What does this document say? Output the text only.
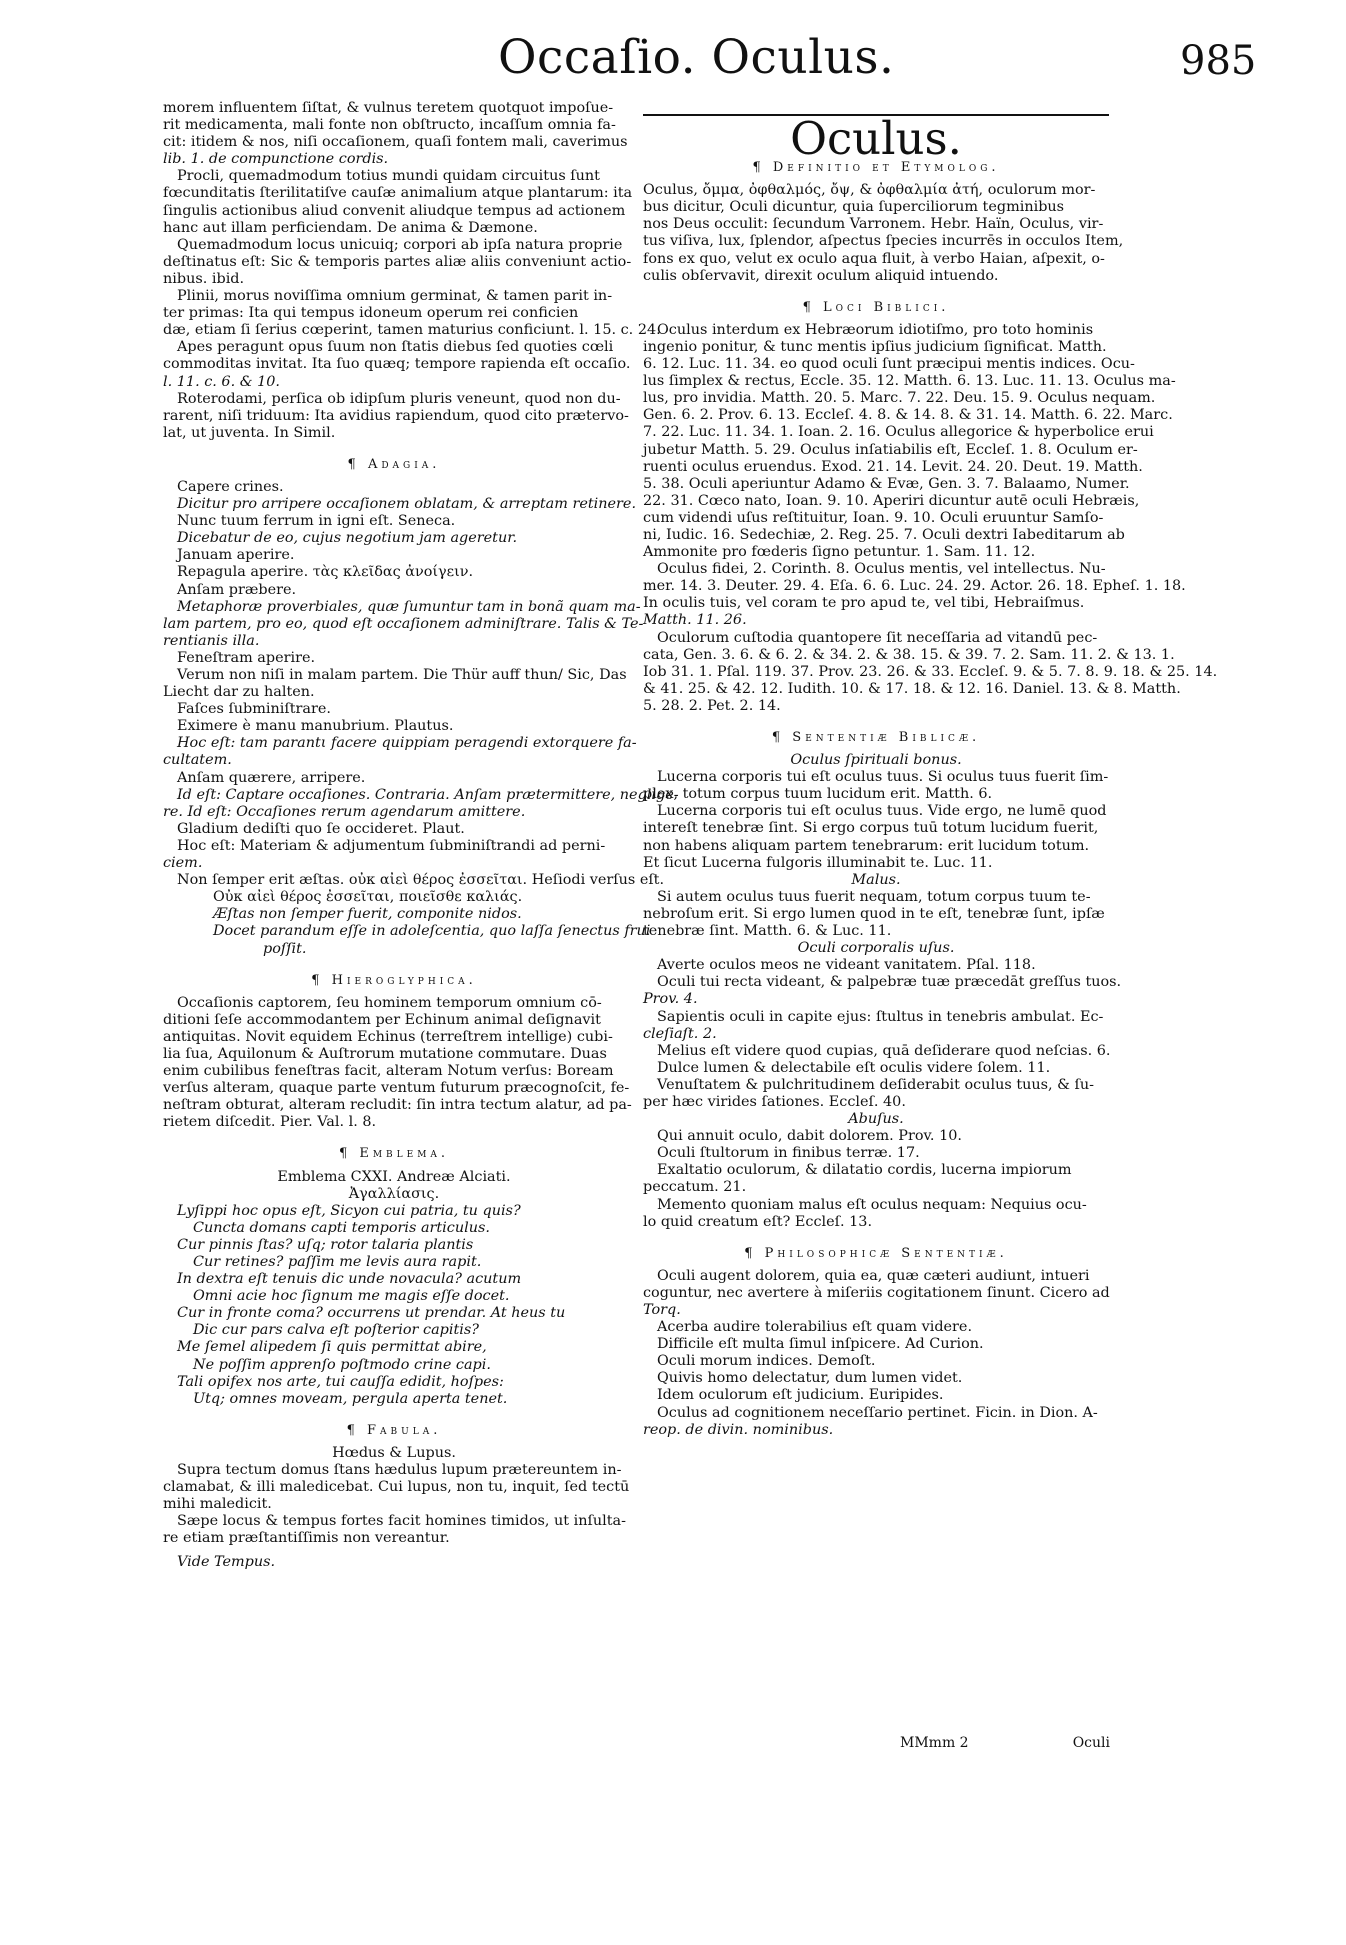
Occaſio. Oculus.	985
morem influentem ſiſtat, & vulnus teretem quotquot impoſue-
rit medicamenta, mali fonte non obſtructo, incaſſum omnia fa-
cit: itidem & nos, niſi occaſionem, quaſi fontem mali, caverimus
lib. 1. de compunctione cordis.
Procli, quemadmodum totius mundi quidam circuitus ſunt
fœcunditatis ſterilitatiſve cauſæ animalium atque plantarum: ita
ſingulis actionibus aliud convenit aliudque tempus ad actionem
hanc aut illam perficiendam. De anima & Dæmone.
Quemadmodum locus unicuiq; corpori ab ipſa natura proprie
deſtinatus eſt: Sic & temporis partes aliæ aliis conveniunt actio-
nibus. ibid.
Plinii, morus noviſſima omnium germinat, & tamen parit in-
ter primas: Ita qui tempus idoneum operum rei conficien
dæ, etiam ſi ſerius cœperint, tamen maturius conficiunt. l. 15. c. 24.
Apes peragunt opus ſuum non ſtatis diebus ſed quoties cœli
commoditas invitat. Ita ſuo quæq; tempore rapienda eſt occaſio.
l. 11. c. 6. & 10.
Roterodami, perſica ob idipſum pluris veneunt, quod non du-
rarent, niſi triduum: Ita avidius rapiendum, quod cito prætervo-
lat, ut juventa. In Simil.
¶ Adagia.
Capere crines.
Dicitur pro arripere occaſionem oblatam, & arreptam retinere.
Nunc tuum ferrum in igni eſt. Seneca.
Dicebatur de eo, cujus negotium jam ageretur.
Januam aperire.
Repagula aperire. τὰς κλεῖδας ἀνοίγειν.
Anſam præbere.
Metaphoræ proverbiales, quæ ſumuntur tam in bonã quam ma-
lam partem, pro eo, quod eſt occaſionem adminiſtrare. Talis & Te-
rentianis illa.
Feneſtram aperire.
Verum non niſi in malam partem. Die Thür auff thun/ Sic, Das
Liecht dar zu halten.
Faſces ſubminiſtrare.
Eximere è manu manubrium. Plautus.
Hoc eſt: tam parantι facere quippiam peragendi extorquere fa-
cultatem.
Anſam quærere, arripere.
Id eſt: Captare occaſiones. Contraria. Anſam prætermittere, neglige-
re. Id eſt: Occaſiones rerum agendarum amittere.
Gladium dediſti quo ſe occideret. Plaut.
Hoc eſt: Materiam & adjumentum ſubminiſtrandi ad perni-
ciem.
Non ſemper erit æſtas. οὐκ αἰεὶ θέρος ἐσσεῖται. Heſiodi verſus eſt.
Οὐκ αἰεὶ θέρος ἐσσεῖται, ποιεῖσθε καλιάς.
Æſtas non ſemper fuerit, componite nidos.
Docet parandum eſſe in adoleſcentia, quo laſſa ſenectus frui
poſſit.
¶ Hieroglyphica.
Occaſionis captorem, ſeu hominem temporum omnium cō-
ditioni ſeſe accommodantem per Echinum animal deſignavit
antiquitas. Novit equidem Echinus (terreſtrem intellige) cubi-
lia ſua, Aquilonum & Auſtrorum mutatione commutare. Duas
enim cubilibus feneſtras facit, alteram Notum verſus: Boream
verſus alteram, quaque parte ventum futurum præcognoſcit, fe-
neſtram obturat, alteram recludit: ſin intra tectum alatur, ad pa-
rietem diſcedit. Pier. Val. l. 8.
¶ Emblema.
Emblema CXXI. Andreæ Alciati.
Ἀγαλλίασις.
Lyſippi hoc opus eſt, Sicyon cui patria, tu quis?
Cuncta domans capti temporis articulus.
Cur pinnis ſtas? uſq; rotor talaria plantis
Cur retines? paſſim me levis aura rapit.
In dextra eſt tenuis dic unde novacula? acutum
Omni acie hoc ſignum me magis eſſe docet.
Cur in fronte coma? occurrens ut prendar. At heus tu
Dic cur pars calva eſt poſterior capitis?
Me ſemel alipedem ſi quis permittat abire,
Ne poſſim apprenſo poſtmodo crine capi.
Tali opifex nos arte, tui cauſſa edidit, hoſpes:
Utq; omnes moveam, pergula aperta tenet.
¶ Fabula.
Hœdus & Lupus.
Supra tectum domus ſtans hædulus lupum prætereuntem in-
clamabat, & illi maledicebat. Cui lupus, non tu, inquit, ſed tectū
mihi maledicit.
Sæpe locus & tempus fortes facit homines timidos, ut inſulta-
re etiam præſtantiſſimis non vereantur.
Vide Tempus.
Oculus.
¶ Definitio et Etymolog.
Oculus, ὄμμα, ὀφθαλμός, ὄψ, & ὀφθαλμία ἀτή, oculorum mor-
bus dicitur, Oculi dicuntur, quia ſuperciliorum tegminibus
nos Deus occulit: ſecundum Varronem. Hebr. Haïn, Oculus, vir-
tus viſiva, lux, ſplendor, aſpectus ſpecies incurrēs in occulos Item,
fons ex quo, velut ex oculo aqua fluit, à verbo Haian, aſpexit, o-
culis obſervavit, direxit oculum aliquid intuendo.
¶ Loci Biblici.
Oculus interdum ex Hebræorum idiotiſmo, pro toto hominis
ingenio ponitur, & tunc mentis ipſius judicium ſignificat. Matth.
6. 12. Luc. 11. 34. eo quod oculi ſunt præcipui mentis indices. Ocu-
lus ſimplex & rectus, Eccle. 35. 12. Matth. 6. 13. Luc. 11. 13. Oculus ma-
lus, pro invidia. Matth. 20. 5. Marc. 7. 22. Deu. 15. 9. Oculus nequam.
Gen. 6. 2. Prov. 6. 13. Eccleſ. 4. 8. & 14. 8. & 31. 14. Matth. 6. 22. Marc.
7. 22. Luc. 11. 34. 1. Ioan. 2. 16. Oculus allegorice & hyperbolice erui
jubetur Matth. 5. 29. Oculus inſatiabilis eſt, Eccleſ. 1. 8. Oculum er-
ruenti oculus eruendus. Exod. 21. 14. Levit. 24. 20. Deut. 19. Matth.
5. 38. Oculi aperiuntur Adamo & Evæ, Gen. 3. 7. Balaamo, Numer.
22. 31. Cœco nato, Ioan. 9. 10. Aperiri dicuntur autē oculi Hebræis,
cum videndi uſus reſtituitur, Ioan. 9. 10. Oculi eruuntur Samſo-
ni, Iudic. 16. Sedechiæ, 2. Reg. 25. 7. Oculi dextri Iabeditarum ab
Ammonite pro fœderis ſigno petuntur. 1. Sam. 11. 12.
Oculus fidei, 2. Corinth. 8. Oculus mentis, vel intellectus. Nu-
mer. 14. 3. Deuter. 29. 4. Eſa. 6. 6. Luc. 24. 29. Actor. 26. 18. Epheſ. 1. 18.
In oculis tuis, vel coram te pro apud te, vel tibi, Hebraiſmus.
Matth. 11. 26.
Oculorum cuſtodia quantopere ſit neceſſaria ad vitandū pec-
cata, Gen. 3. 6. & 6. 2. & 34. 2. & 38. 15. & 39. 7. 2. Sam. 11. 2. & 13. 1.
Iob 31. 1. Pſal. 119. 37. Prov. 23. 26. & 33. Eccleſ. 9. & 5. 7. 8. 9. 18. & 25. 14.
& 41. 25. & 42. 12. Iudith. 10. & 17. 18. & 12. 16. Daniel. 13. & 8. Matth.
5. 28. 2. Pet. 2. 14.
¶ Sententiæ Biblicæ.
Oculus ſpirituali bonus.
Lucerna corporis tui eſt oculus tuus. Si oculus tuus fuerit ſim-
plex, totum corpus tuum lucidum erit. Matth. 6.
Lucerna corporis tui eſt oculus tuus. Vide ergo, ne lumē quod
intereſt tenebræ ſint. Si ergo corpus tuū totum lucidum fuerit,
non habens aliquam partem tenebrarum: erit lucidum totum.
Et ſicut Lucerna fulgoris illuminabit te. Luc. 11.
Malus.
Si autem oculus tuus fuerit nequam, totum corpus tuum te-
nebroſum erit. Si ergo lumen quod in te eſt, tenebræ ſunt, ipſæ
tenebræ ſint. Matth. 6. & Luc. 11.
Oculi corporalis uſus.
Averte oculos meos ne videant vanitatem. Pſal. 118.
Oculi tui recta videant, & palpebræ tuæ præcedāt greſſus tuos.
Prov. 4.
Sapientis oculi in capite ejus: ſtultus in tenebris ambulat. Ec-
cleſiaſt. 2.
Melius eſt videre quod cupias, quā deſiderare quod neſcias. 6.
Dulce lumen & delectabile eſt oculis videre ſolem. 11.
Venuſtatem & pulchritudinem deſiderabit oculus tuus, & ſu-
per hæc virides ſationes. Eccleſ. 40.
Abuſus.
Qui annuit oculo, dabit dolorem. Prov. 10.
Oculi ſtultorum in finibus terræ. 17.
Exaltatio oculorum, & dilatatio cordis, lucerna impiorum
peccatum. 21.
Memento quoniam malus eſt oculus nequam: Nequius ocu-
lo quid creatum eſt? Eccleſ. 13.
¶ Philoſophicæ Sententiæ.
Oculi augent dolorem, quia ea, quæ cæteri audiunt, intueri
coguntur, nec avertere à miſeriis cogitationem ſinunt. Cicero ad
Torq.
Acerba audire tolerabilius eſt quam videre.
Difficile eſt multa ſimul inſpicere. Ad Curion.
Oculi morum indices. Demoſt.
Quivis homo delectatur, dum lumen videt.
Idem oculorum eſt judicium. Euripides.
Oculus ad cognitionem neceſſario pertinet. Ficin. in Dion. A-
reop. de divin. nominibus.
MMmm 2	Oculi
